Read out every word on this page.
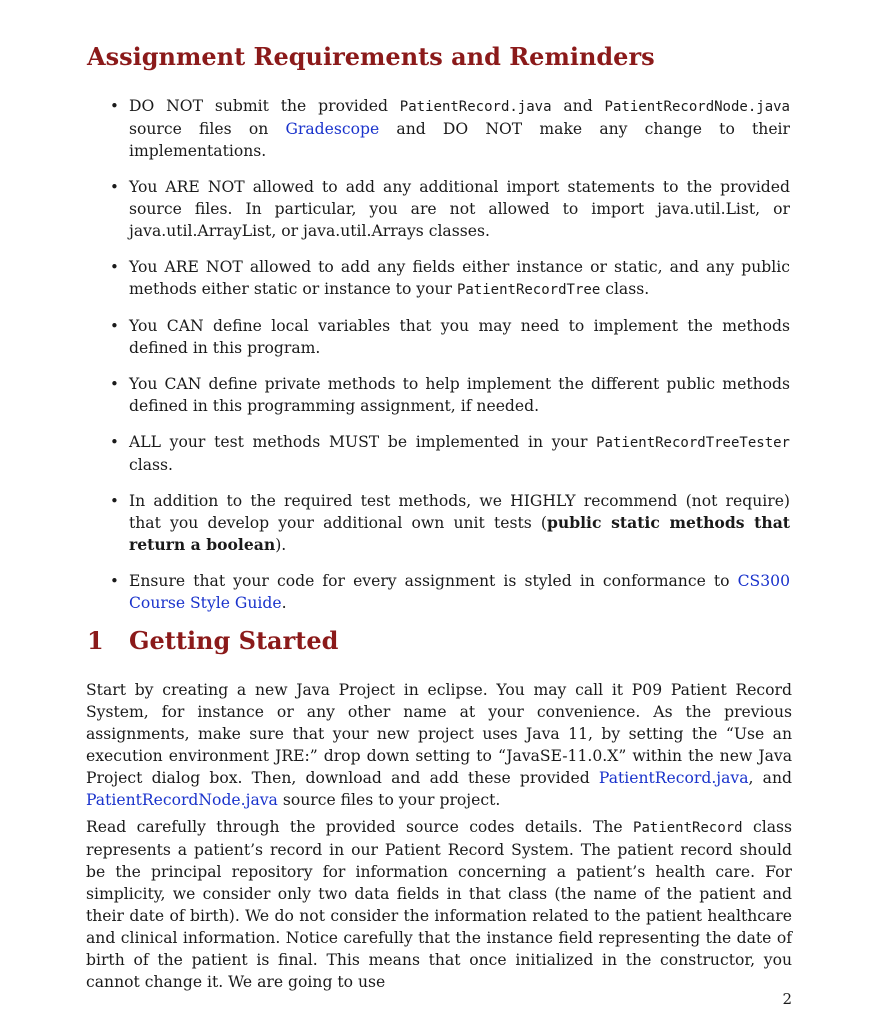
Assignment Requirements and Reminders
• DO NOT submit the provided PatientRecord.java and PatientRecordNode.java source files on Gradescope and DO NOT make any change to their implementations.
• You ARE NOT allowed to add any additional import statements to the provided source files. In particular, you are not allowed to import java.util.List, or java.util.ArrayList, or java.util.Arrays classes.
• You ARE NOT allowed to add any fields either instance or static, and any public methods either static or instance to your PatientRecordTree class.
• You CAN define local variables that you may need to implement the methods defined in this program.
• You CAN define private methods to help implement the different public methods defined in this programming assignment, if needed.
• ALL your test methods MUST be implemented in your PatientRecordTreeTester class.
• In addition to the required test methods, we HIGHLY recommend (not require) that you develop your additional own unit tests (public static methods that return a boolean).
• Ensure that your code for every assignment is styled in conformance to CS300 Course Style Guide.
1 Getting Started

Start by creating a new Java Project in eclipse. You may call it P09 Patient Record System, for instance or any other name at your convenience. As the previous assignments, make sure that your new project uses Java 11, by setting the “Use an execution environment JRE:” drop down setting to “JavaSE-11.0.X” within the new Java Project dialog box. Then, download and add these provided PatientRecord.java, and PatientRecordNode.java source files to your project.

Read carefully through the provided source codes details. The PatientRecord class represents a patient’s record in our Patient Record System. The patient record should be the principal repository for information concerning a patient’s health care. For simplicity, we consider only two data fields in that class (the name of the patient and their date of birth). We do not consider the information related to the patient healthcare and clinical information. Notice carefully that the instance field representing the date of birth of the patient is final. This means that once initialized in the constructor, you cannot change it. We are going to use

2
